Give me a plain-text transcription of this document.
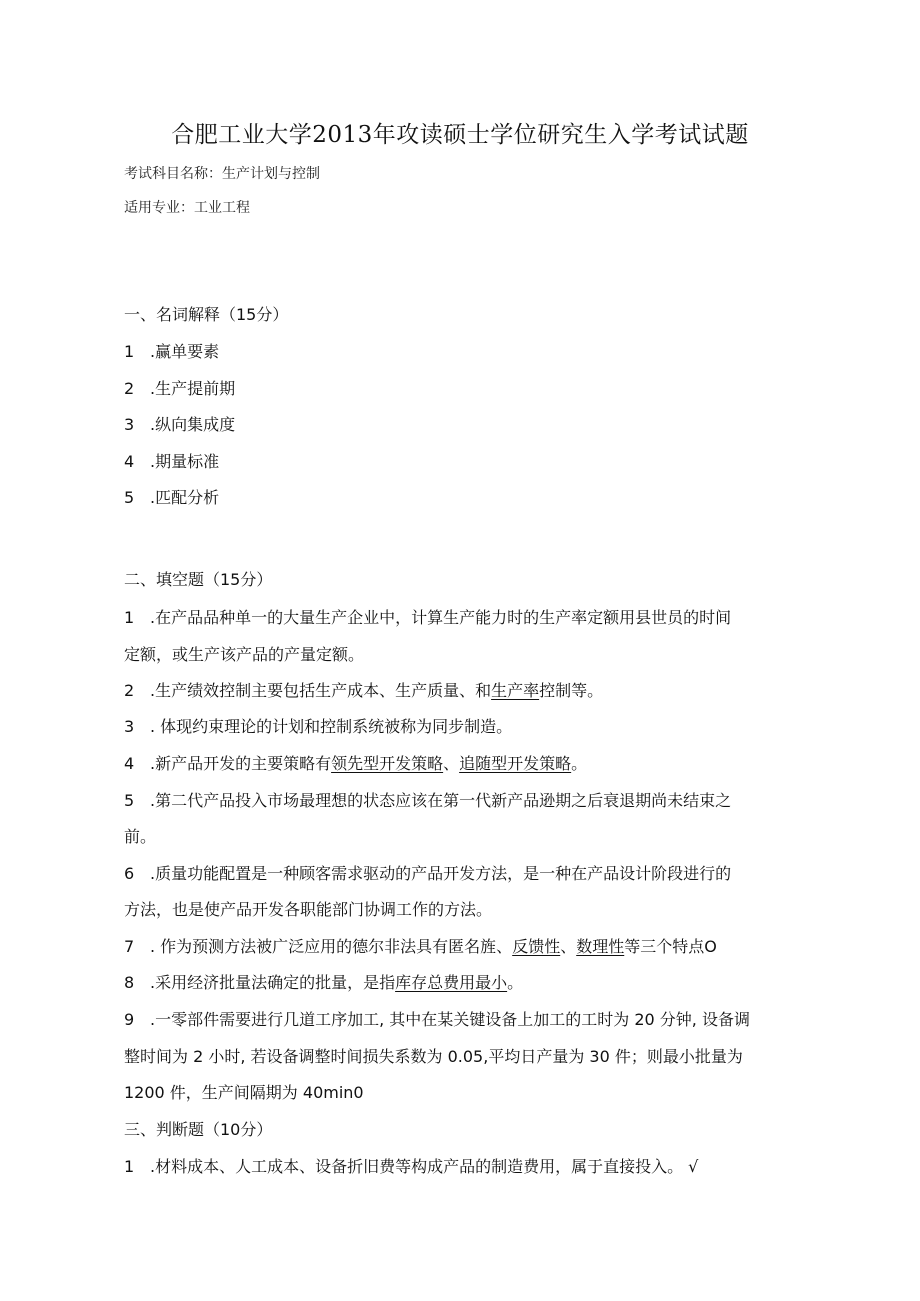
合肥工业大学2013年攻读硕士学位研究生入学考试试题
考试科目名称：生产计划与控制
适用专业：工业工程
一、名词解释（15分）
1 .赢单要素
2 .生产提前期
3 .纵向集成度
4 .期量标准
5 .匹配分析
二、填空题（15分）
1 .在产品品种单一的大量生产企业中，计算生产能力时的生产率定额用县世员的时间
定额，或生产该产品的产量定额。
2 .生产绩效控制主要包括生产成本、生产质量、和生产率控制等。
3 . 体现约束理论的计划和控制系统被称为同步制造。
4 .新产品开发的主要策略有领先型开发策略、追随型开发策略。
5 .第二代产品投入市场最理想的状态应该在第一代新产品逊期之后衰退期尚未结束之
前。
6 .质量功能配置是一种顾客需求驱动的产品开发方法，是一种在产品设计阶段进行的
方法，也是使产品开发各职能部门协调工作的方法。
7 . 作为预测方法被广泛应用的德尔非法具有匿名旌、反馈性、数理性等三个特点O
8 .采用经济批量法确定的批量，是指库存总费用最小。
9 .一零部件需要进行几道工序加工, 其中在某关键设备上加工的工时为 20 分钟, 设备调
整时间为 2 小时, 若设备调整时间损失系数为 0.05,平均日产量为 30 件；则最小批量为
1200 件，生产间隔期为 40min0
三、判断题（10分）
1 .材料成本、人工成本、设备折旧费等构成产品的制造费用，属于直接投入。 √
